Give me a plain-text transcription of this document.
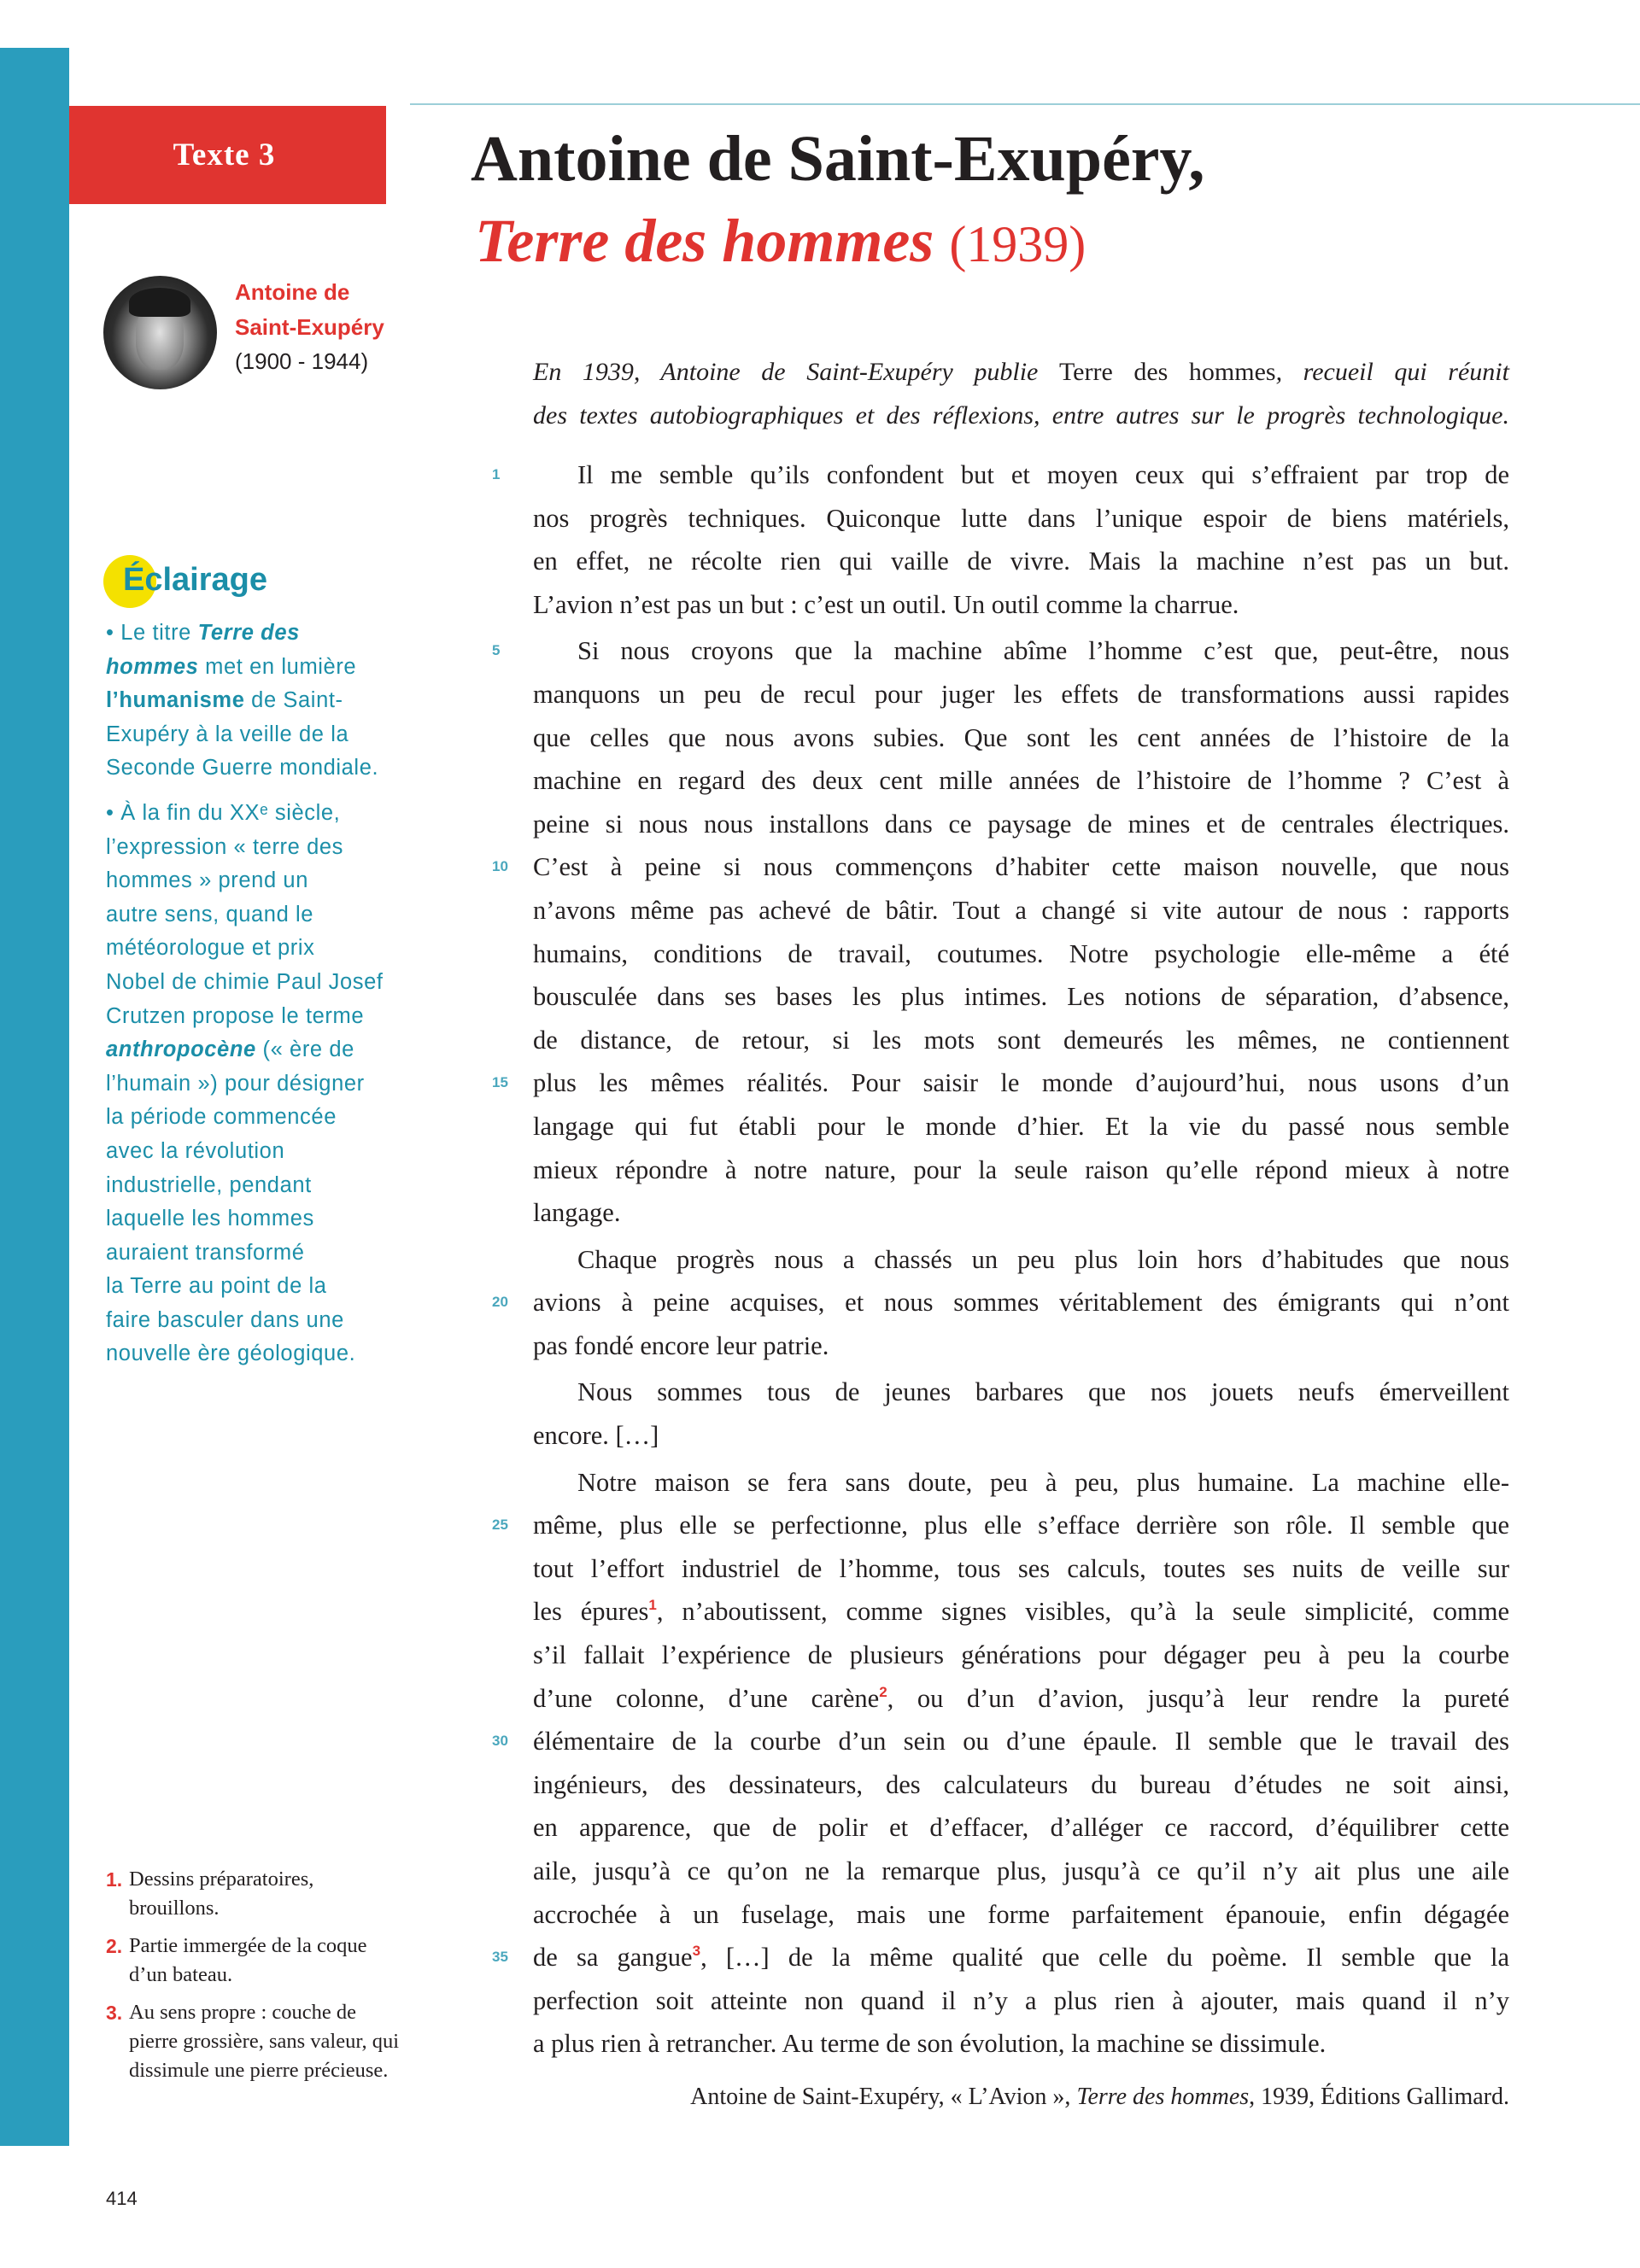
Texte 3	Antoine de Saint-Exupéry,
Terre des hommes (1939)
Antoine de
Saint-Exupéry
(1900 - 1944)	En 1939, Antoine de Saint-Exupéry publie Terre des hommes, recueil qui réunit
des textes autobiographiques et des réflexions, entre autres sur le progrès technologique.
1	Il me semble qu’ils confondent but et moyen ceux qui s’effraient par trop de
nos progrès techniques. Quiconque lutte dans l’unique espoir de biens matériels,
en effet, ne récolte rien qui vaille de vivre. Mais la machine n’est pas un but.
L’avion n’est pas un but : c’est un outil. Un outil comme la charrue.
5	Si nous croyons que la machine abîme l’homme c’est que, peut-être, nous
manquons un peu de recul pour juger les effets de transformations aussi rapides
que celles que nous avons subies. Que sont les cent années de l’histoire de la
machine en regard des deux cent mille années de l’histoire de l’homme ? C’est à
peine si nous nous installons dans ce paysage de mines et de centrales électriques.
10 C’est à peine si nous commençons d’habiter cette maison nouvelle, que nous
n’avons même pas achevé de bâtir. Tout a changé si vite autour de nous : rapports
humains, conditions de travail, coutumes. Notre psychologie elle-même a été
bousculée dans ses bases les plus intimes. Les notions de séparation, d’absence,
de distance, de retour, si les mots sont demeurés les mêmes, ne contiennent
15 plus les mêmes réalités. Pour saisir le monde d’aujourd’hui, nous usons d’un
langage qui fut établi pour le monde d’hier. Et la vie du passé nous semble
mieux répondre à notre nature, pour la seule raison qu’elle répond mieux à notre
langage.
Chaque progrès nous a chassés un peu plus loin hors d’habitudes que nous
20 avions à peine acquises, et nous sommes véritablement des émigrants qui n’ont
pas fondé encore leur patrie.
Nous sommes tous de jeunes barbares que nos jouets neufs émerveillent
encore. […]
Notre maison se fera sans doute, peu à peu, plus humaine. La machine elle-
25 même, plus elle se perfectionne, plus elle s’efface derrière son rôle. Il semble que
tout l’effort industriel de l’homme, tous ses calculs, toutes ses nuits de veille sur
les épures$^1$, n’aboutissent, comme signes visibles, qu’à la seule simplicité, comme
s’il fallait l’expérience de plusieurs générations pour dégager peu à peu la courbe
d’une colonne, d’une carène$^2$, ou d’un d’avion, jusqu’à leur rendre la pureté
30 élémentaire de la courbe d’un sein ou d’une épaule. Il semble que le travail des
ingénieurs, des dessinateurs, des calculateurs du bureau d’études ne soit ainsi,
en apparence, que de polir et d’effacer, d’alléger ce raccord, d’équilibrer cette
aile, jusqu’à ce qu’on ne la remarque plus, jusqu’à ce qu’il n’y ait plus une aile
accrochée à un fuselage, mais une forme parfaitement épanouie, enfin dégagée
35 de sa gangue$^3$, […] de la même qualité que celle du poème. Il semble que la
perfection soit atteinte non quand il n’y a plus rien à ajouter, mais quand il n’y
a plus rien à retrancher. Au terme de son évolution, la machine se dissimule.
Antoine de Saint-Exupéry, « L’Avion », Terre des hommes, 1939, Éditions Gallimard.
Éclairage
• Le titre Terre des
hommes met en lumière
l’humanisme de Saint-
Exupéry à la veille de la
Seconde Guerre mondiale.
• À la fin du XXᵉ siècle,
l’expression « terre des
hommes » prend un
autre sens, quand le
météorologue et prix
Nobel de chimie Paul Josef
Crutzen propose le terme
anthropocène (« ère de
l’humain ») pour désigner
la période commencée
avec la révolution
industrielle, pendant
laquelle les hommes
auraient transformé
la Terre au point de la
faire basculer dans une
nouvelle ère géologique.
1. Dessins préparatoires, brouillons.
2. Partie immergée de la coque d’un bateau.
3. Au sens propre : couche de pierre grossière, sans valeur, qui dissimule une pierre précieuse.
414
